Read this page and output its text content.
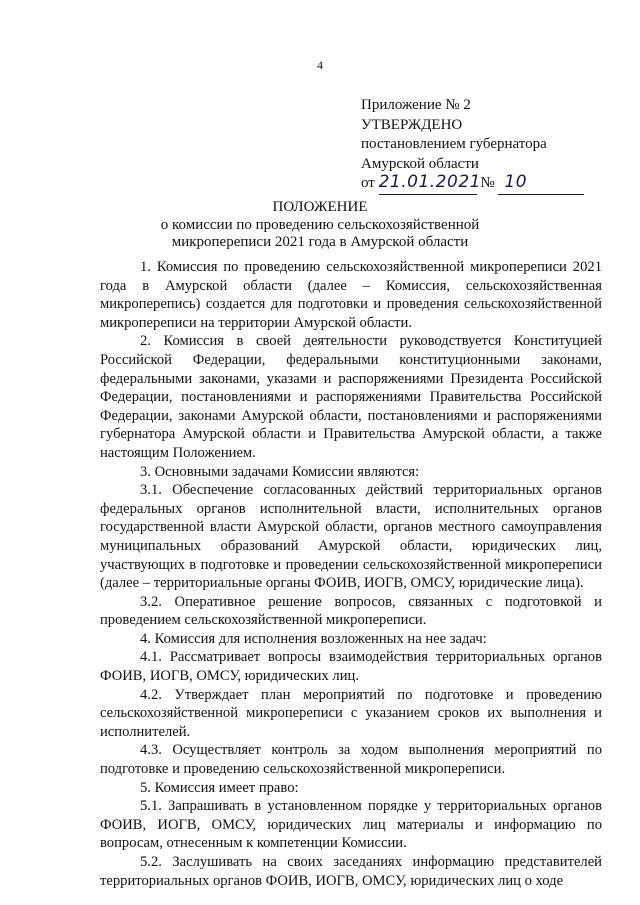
4
Приложение № 2
УТВЕРЖДЕНО
постановлением губернатора
Амурской области
от 21.01.2021 № 10
ПОЛОЖЕНИЕ
о комиссии по проведению сельскохозяйственной
микропереписи 2021 года в Амурской области

1. Комиссия по проведению сельскохозяйственной микропереписи 2021 года в Амурской области (далее – Комиссия, сельскохозяйственная микроперепись) создается для подготовки и проведения сельскохозяйственной микропереписи на территории Амурской области.

2. Комиссия в своей деятельности руководствуется Конституцией Российской Федерации, федеральными конституционными законами, федеральными законами, указами и распоряжениями Президента Российской Федерации, постановлениями и распоряжениями Правительства Российской Федерации, законами Амурской области, постановлениями и распоряжениями губернатора Амурской области и Правительства Амурской области, а также настоящим Положением.

3. Основными задачами Комиссии являются:

3.1. Обеспечение согласованных действий территориальных органов федеральных органов исполнительной власти, исполнительных органов государственной власти Амурской области, органов местного самоуправления муниципальных образований Амурской области, юридических лиц, участвующих в подготовке и проведении сельскохозяйственной микропереписи (далее – территориальные органы ФОИВ, ИОГВ, ОМСУ, юридические лица).

3.2. Оперативное решение вопросов, связанных с подготовкой и проведением сельскохозяйственной микропереписи.

4. Комиссия для исполнения возложенных на нее задач:

4.1. Рассматривает вопросы взаимодействия территориальных органов ФОИВ, ИОГВ, ОМСУ, юридических лиц.

4.2. Утверждает план мероприятий по подготовке и проведению сельскохозяйственной микропереписи с указанием сроков их выполнения и исполнителей.

4.3. Осуществляет контроль за ходом выполнения мероприятий по подготовке и проведению сельскохозяйственной микропереписи.

5. Комиссия имеет право:

5.1. Запрашивать в установленном порядке у территориальных органов ФОИВ, ИОГВ, ОМСУ, юридических лиц материалы и информацию по вопросам, отнесенным к компетенции Комиссии.

5.2. Заслушивать на своих заседаниях информацию представителей территориальных органов ФОИВ, ИОГВ, ОМСУ, юридических лиц о ходе
